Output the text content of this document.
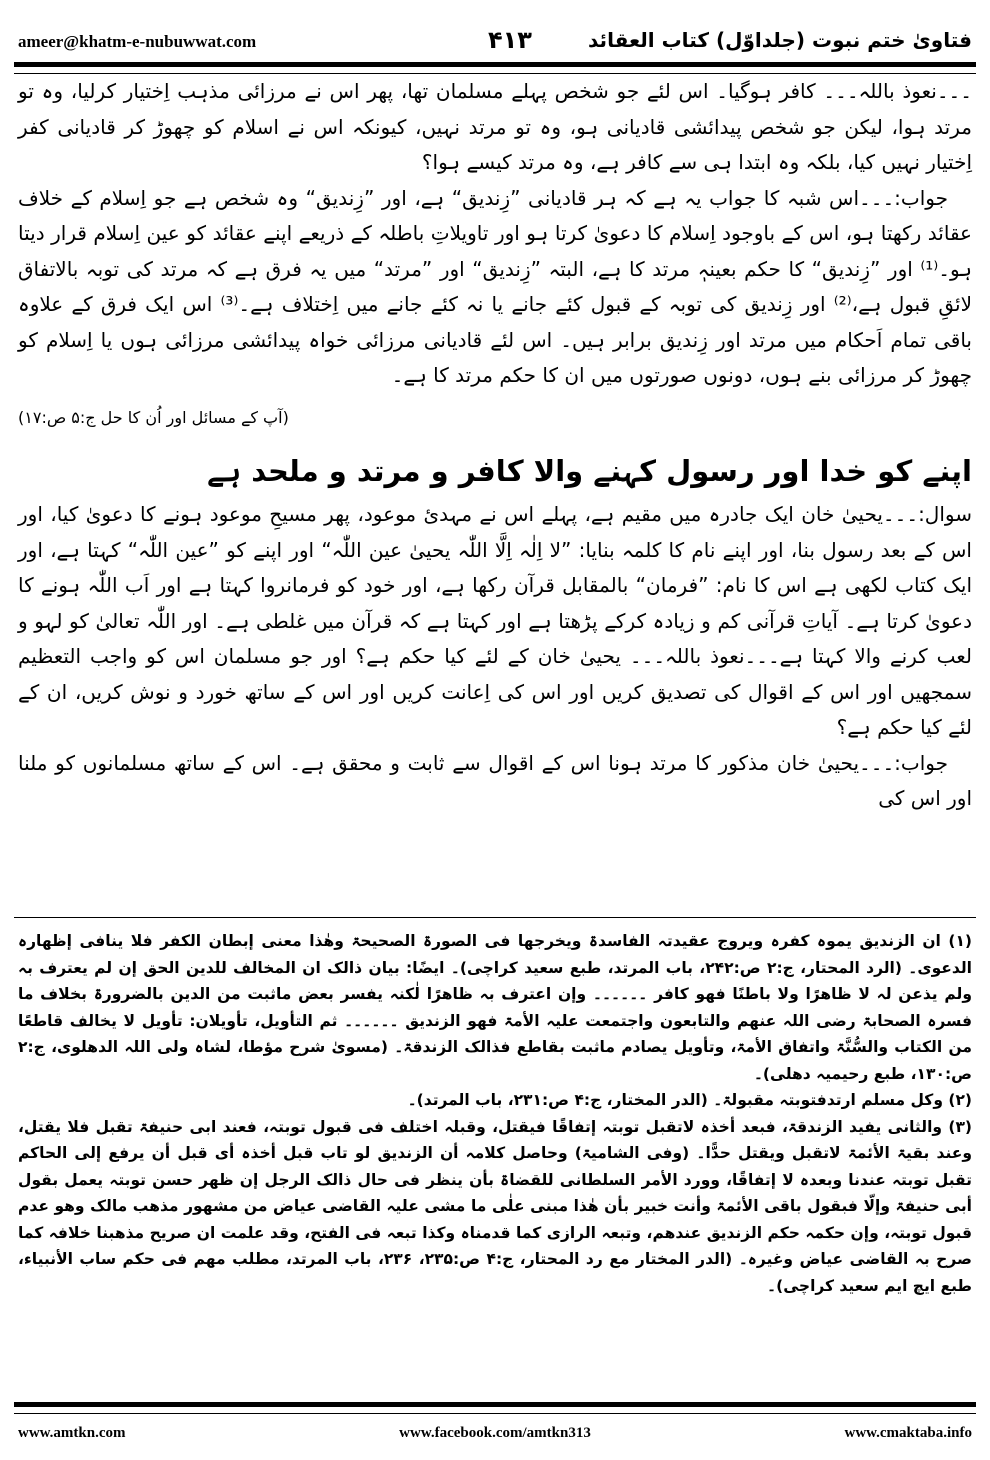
ameer@khatm-e-nubuwwat.com	۴۱۳	فتاویٰ ختم نبوت (جلداوّل) کتاب العقائد

۔۔۔نعوذ باللہ۔۔۔ کافر ہوگیا۔ اس لئے جو شخص پہلے مسلمان تھا، پھر اس نے مرزائی مذہب اِختیار کرلیا، وہ تو مرتد ہوا، لیکن جو شخص پیدائشی قادیانی ہو، وہ تو مرتد نہیں، کیونکہ اس نے اسلام کو چھوڑ کر قادیانی کفر اِختیار نہیں کیا، بلکہ وہ ابتدا ہی سے کافر ہے، وہ مرتد کیسے ہوا؟

جواب:۔۔۔اس شبہ کا جواب یہ ہے کہ ہر قادیانی ”زِندیق“ ہے، اور ”زِندیق“ وہ شخص ہے جو اِسلام کے خلاف عقائد رکھتا ہو، اس کے باوجود اِسلام کا دعویٰ کرتا ہو اور تاویلاتِ باطلہ کے ذریعے اپنے عقائد کو عین اِسلام قرار دیتا ہو۔⁽¹⁾ اور ”زِندیق“ کا حکم بعینہٖ مرتد کا ہے، البتہ ”زِندیق“ اور ”مرتد“ میں یہ فرق ہے کہ مرتد کی توبہ بالاتفاق لائقِ قبول ہے،⁽²⁾ اور زِندیق کی توبہ کے قبول کئے جانے یا نہ کئے جانے میں اِختلاف ہے۔⁽³⁾ اس ایک فرق کے علاوہ باقی تمام اَحکام میں مرتد اور زِندیق برابر ہیں۔ اس لئے قادیانی مرزائی خواہ پیدائشی مرزائی ہوں یا اِسلام کو چھوڑ کر مرزائی بنے ہوں، دونوں صورتوں میں ان کا حکم مرتد کا ہے۔

(آپ کے مسائل اور اُن کا حل ج:۵ ص:۱۷)

اپنے کو خدا اور رسول کہنے والا کافر و مرتد و ملحد ہے

سوال:۔۔۔یحییٰ خان ایک جادرہ میں مقیم ہے، پہلے اس نے مہدیٔ موعود، پھر مسیحِ موعود ہونے کا دعویٰ کیا، اور اس کے بعد رسول بنا، اور اپنے نام کا کلمہ بنایا: ”لا اِلٰہ اِلَّا اللّٰہ یحییٰ عین اللّٰہ“ اور اپنے کو ”عین اللّٰہ“ کہتا ہے، اور ایک کتاب لکھی ہے اس کا نام: ”فرمان“ بالمقابل قرآن رکھا ہے، اور خود کو فرمانروا کہتا ہے اور اَب اللّٰہ ہونے کا دعویٰ کرتا ہے۔ آیاتِ قرآنی کم و زیادہ کرکے پڑھتا ہے اور کہتا ہے کہ قرآن میں غلطی ہے۔ اور اللّٰہ تعالیٰ کو لہو و لعب کرنے والا کہتا ہے۔۔۔نعوذ باللہ۔۔۔ یحییٰ خان کے لئے کیا حکم ہے؟ اور جو مسلمان اس کو واجب التعظیم سمجھیں اور اس کے اقوال کی تصدیق کریں اور اس کی اِعانت کریں اور اس کے ساتھ خورد و نوش کریں، ان کے لئے کیا حکم ہے؟

جواب:۔۔۔یحییٰ خان مذکور کا مرتد ہونا اس کے اقوال سے ثابت و محقق ہے۔ اس کے ساتھ مسلمانوں کو ملنا اور اس کی

(۱) ان الزندیق یموہ کفرہ ویروج عقیدتہ الفاسدۃ ویخرجھا فی الصورۃ الصحیحۃ وھٰذا معنی إبطان الکفر فلا ینافی إظھارہ الدعوی۔ (الرد المحتار، ج:۲ ص:۲۴۲، باب المرتد، طبع سعید کراچی)۔ ایضًا: بیان ذالک ان المخالف للدین الحق إن لم یعترف بہ ولم یذعن لہ لا ظاھرًا ولا باطنًا فھو کافر ۔۔۔۔۔۔ وإن اعترف بہ ظاھرًا لٰکنہ یفسر بعض ماثبت من الدین بالضرورۃ بخلاف ما فسرہ الصحابۃ رضی اللہ عنھم والتابعون واجتمعت علیہ الأمۃ فھو الزندیق ۔۔۔۔۔۔ ثم التأویل، تأویلان: تأویل لا یخالف قاطعًا من الکتاب والسُّنَّۃ واتفاق الأمۃ، وتأویل یصادم ماثبت بقاطع فذالک الزندقۃ۔ (مسویٰ شرح مؤطا، لشاہ ولی اللہ الدھلوی، ج:۲ ص:۱۳۰، طبع رحیمیہ دھلی)۔

(۲) وکل مسلم ارتدفتوبتہ مقبولۃ۔ (الدر المختار، ج:۴ ص:۲۳۱، باب المرتد)۔

(۳) والثانی یفید الزندقۃ، فبعد أخذہ لاتقبل توبتہ إتفاقًا فیقتل، وقبلہ اختلف فی قبول توبتہ، فعند ابی حنیفۃ تقبل فلا یقتل، وعند بقیۃ الأئمۃ لاتقبل ویقتل حدًّا۔ (وفی الشامیۃ) وحاصل کلامہ أن الزندیق لو تاب قبل أخذہ أی قبل أن یرفع إلی الحاکم تقبل توبتہ عندنا وبعدہ لا إتفاقًا، وورد الأمر السلطانی للقضاۃ بأن ینظر فی حال ذالک الرجل إن ظھر حسن توبتہ یعمل بقول أبی حنیفۃ وإلّا فبقول باقی الأئمۃ وأنت خبیر بأن ھٰذا مبنی علٰی ما مشی علیہ القاضی عیاض من مشھور مذھب مالک وھو عدم قبول توبتہ، وإن حکمہ حکم الزندیق عندھم، وتبعہ الرازی کما قدمناہ وکذا تبعہ فی الفتح، وقد علمت ان صریح مذھبنا خلافہ کما صرح بہ القاضی عیاض وغیرہ۔ (الدر المختار مع رد المحتار، ج:۴ ص:۲۳۵، ۲۳۶، باب المرتد، مطلب مھم فی حکم ساب الأنبیاء، طبع ایچ ایم سعید کراچی)۔

www.amtkn.com	www.facebook.com/amtkn313	www.cmaktaba.info
